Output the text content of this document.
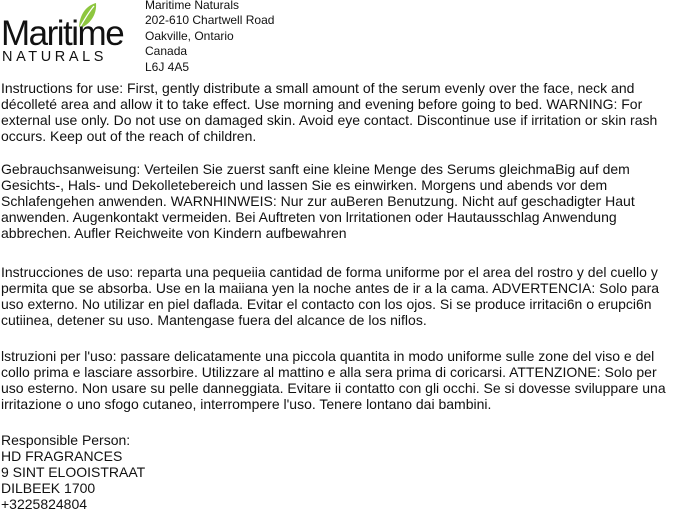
Maritime
NATURALS
Maritime Naturals
202-610 Chartwell Road
Oakville, Ontario
Canada
L6J 4A5
Instructions for use: First, gently distribute a small amount of the serum evenly over the face, neck and décolleté area and allow it to take effect. Use morning and evening before going to bed. WARNING: For external use only. Do not use on damaged skin. Avoid eye contact. Discontinue use if irritation or skin rash occurs. Keep out of the reach of children.
Gebrauchsanweisung: Verteilen Sie zuerst sanft eine kleine Menge des Serums gleichmaBig auf dem Gesichts-, Hals- und Dekolletebereich und lassen Sie es einwirken. Morgens und abends vor dem Schlafengehen anwenden. WARNHINWEIS: Nur zur auBeren Benutzung. Nicht auf geschadigter Haut anwenden. Augenkontakt vermeiden. Bei Auftreten von lrritationen oder Hautausschlag Anwendung abbrechen. Aufler Reichweite von Kindern aufbewahren
Instrucciones de uso: reparta una pequeiia cantidad de forma uniforme por el area del rostro y del cuello y permita que se absorba. Use en la maiiana yen la noche antes de ir a la cama. ADVERTENCIA: Solo para uso externo. No utilizar en piel daflada. Evitar el contacto con los ojos. Si se produce irritaci6n o erupci6n cutiinea, detener su uso. Mantengase fuera del alcance de los niflos.
lstruzioni per l'uso: passare delicatamente una piccola quantita in modo uniforme sulle zone del viso e del collo prima e lasciare assorbire. Utilizzare al mattino e alla sera prima di coricarsi. ATTENZIONE: Solo per uso esterno. Non usare su pelle danneggiata. Evitare ii contatto con gli occhi. Se si dovesse sviluppare una irritazione o uno sfogo cutaneo, interrompere l'uso. Tenere lontano dai bambini.
Responsible Person:
HD FRAGRANCES
9 SINT ELOOISTRAAT
DILBEEK 1700
+3225824804
